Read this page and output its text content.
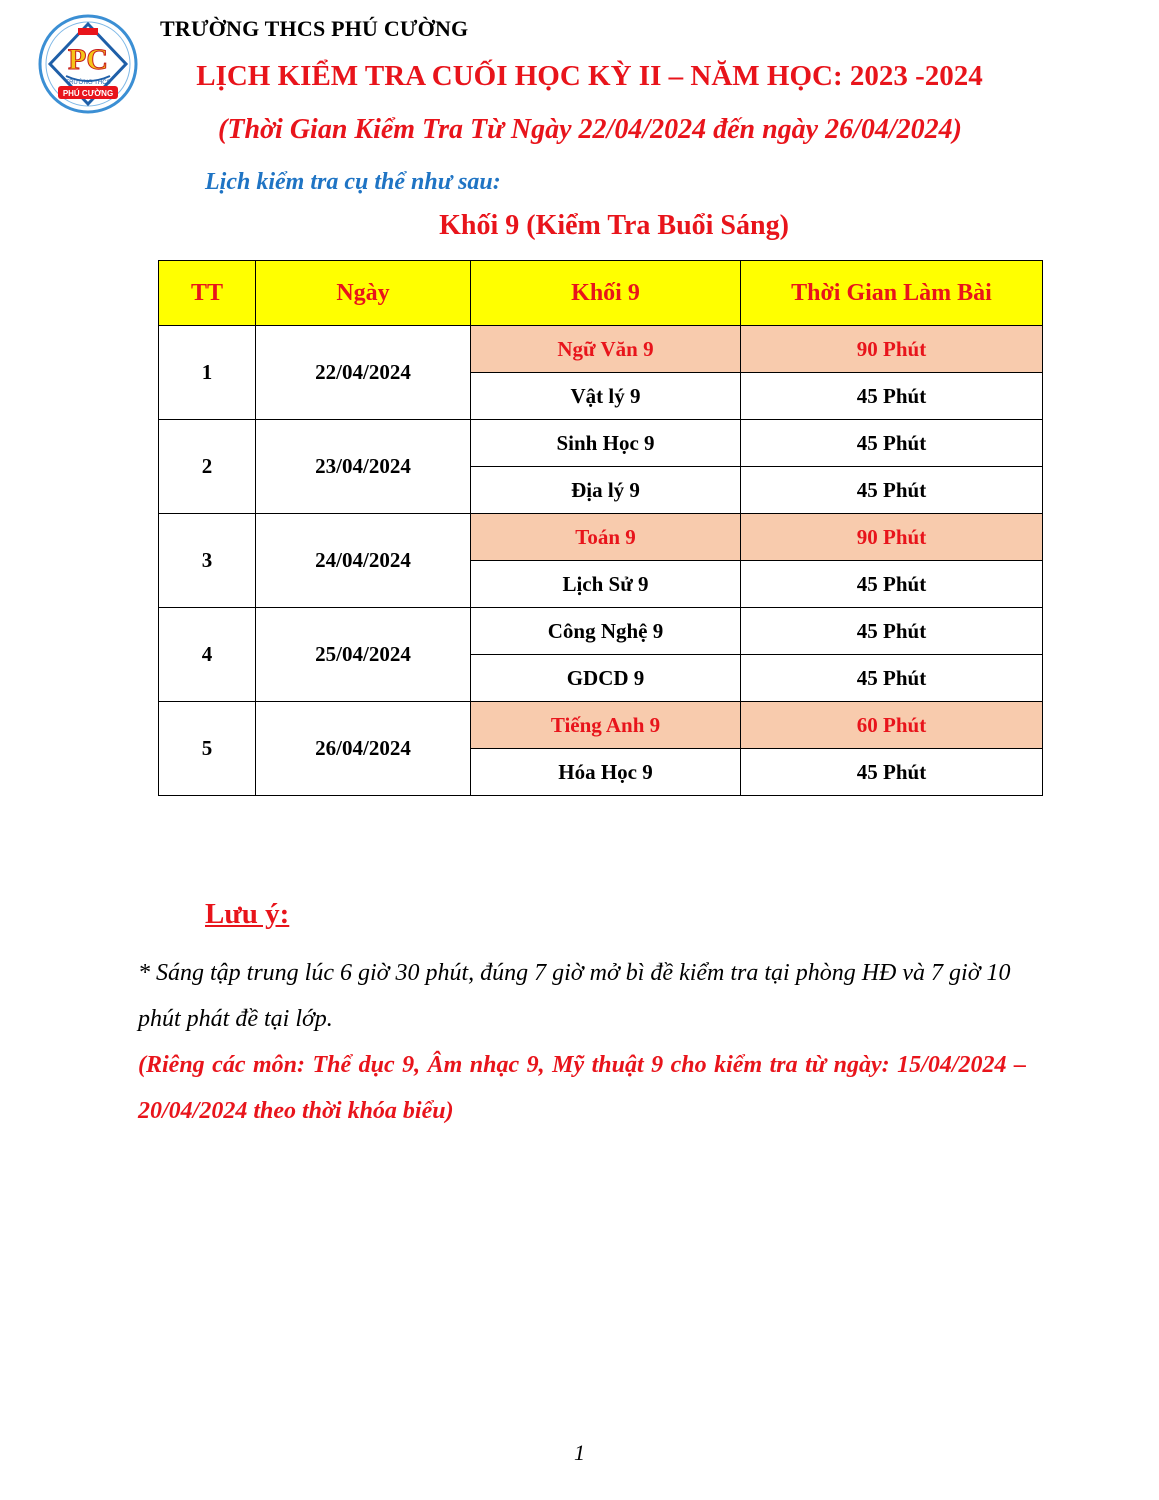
PC
TRƯỜNG THCS
PHÚ CƯỜNG
TRƯỜNG THCS PHÚ CƯỜNG
LỊCH KIỂM TRA CUỐI HỌC KỲ II – NĂM HỌC: 2023 -2024
(Thời Gian Kiểm Tra Từ Ngày 22/04/2024 đến ngày 26/04/2024)
Lịch kiểm tra cụ thể như sau:
Khối 9 (Kiểm Tra Buổi Sáng)
TT	Ngày	Khối 9	Thời Gian Làm Bài
1	22/04/2024	Ngữ Văn 9	90 Phút
		Vật lý 9	45 Phút
2	23/04/2024	Sinh Học 9	45 Phút
		Địa lý 9	45 Phút
3	24/04/2024	Toán 9	90 Phút
		Lịch Sử 9	45 Phút
4	25/04/2024	Công Nghệ 9	45 Phút
		GDCD 9	45 Phút
5	26/04/2024	Tiếng Anh 9	60 Phút
		Hóa Học 9	45 Phút
Lưu ý:
* Sáng tập trung lúc 6 giờ 30 phút, đúng 7 giờ mở bì đề kiểm tra tại phòng HĐ và 7 giờ 10 phút phát đề tại lớp.
(Riêng các môn: Thể dục 9, Âm nhạc 9, Mỹ thuật 9 cho kiểm tra từ ngày: 15/04/2024 – 20/04/2024 theo thời khóa biểu)
1
